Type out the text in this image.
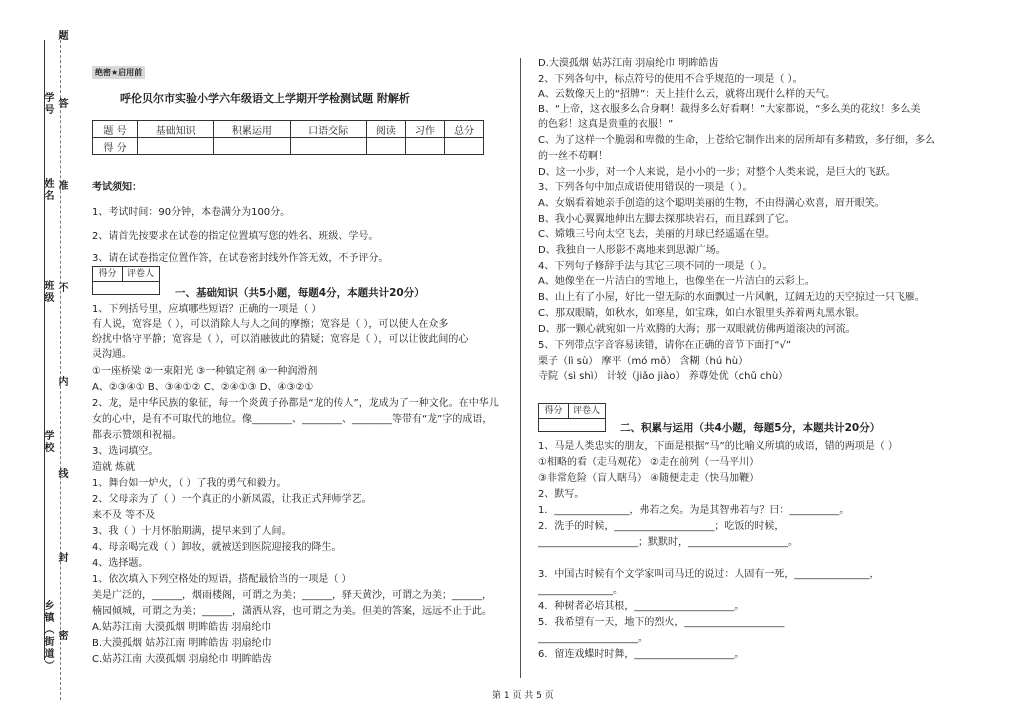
题
学号 答
姓名 准
班级 不
内
学校
线
封
乡镇（街道） 密
绝密★启用前
呼伦贝尔市实验小学六年级语文上学期开学检测试题 附解析
题 号	基础知识	积累运用	口语交际	阅读	习作	总分
得 分						
考试须知：
1、考试时间：90分钟，本卷满分为100分。
2、请首先按要求在试卷的指定位置填写您的姓名、班级、学号。
3、请在试卷指定位置作答，在试卷密封线外作答无效，不予评分。
得分 评卷人
一、基础知识（共5小题，每题4分，本题共计20分）
1、下列括号里，应填哪些短语？正确的一项是（ ）
有人说，宽容是（ ），可以消除人与人之间的摩擦；宽容是（ ），可以使人在众多
纷扰中恪守平静；宽容是（ ），可以消融彼此的猜疑；宽容是（ ），可以让彼此间的心
灵沟通。
①一座桥梁 ②一束阳光 ③一种镇定剂 ④一种润滑剂
A、②③④① B、③④①② C、②④①③ D、④③②①
2、龙，是中华民族的象征，每一个炎黄子孙都是“龙的传人”，龙成为了一种文化。在中华儿
女的心中，是有不可取代的地位。像________、________、________等带有“龙”字的成语，
都表示赞颂和祝福。
3、选词填空。
造就 炼就
1、舞台如一炉火，（ ）了我的勇气和毅力。
2、父母亲为了（ ）一个真正的小新凤霞，让我正式拜师学艺。
来不及 等不及
3、我（ ）十月怀胎期满，提早来到了人间。
4、母亲喝完戏（ ）卸妆，就被送到医院迎接我的降生。
4、选择题。
1、依次填入下列空格处的短语，搭配最恰当的一项是（ ）
美是广泛的，______，烟雨楼阁，可谓之为美；______，驿天黄沙，可谓之为美；______，
楠园倾城，可谓之为美；______，潇洒从容，也可谓之为美。但美的答案，远远不止于此。
A.姑苏江南 大漠孤烟 明眸皓齿 羽扇纶巾
B.大漠孤烟 姑苏江南 明眸皓齿 羽扇纶巾
C.姑苏江南 大漠孤烟 羽扇纶巾 明眸皓齿
D.大漠孤烟 姑苏江南 羽扇纶巾 明眸皓齿
2、下列各句中，标点符号的使用不合乎规范的一项是（ ）。
A、云数像天上的“招牌”：天上挂什么云，就将出现什么样的天气。
B、“上帝，这衣服多么合身啊！裁得多么好看啊！”大家都说，“多么美的花纹！多么美
的色彩！这真是贵重的衣服！”
C、为了这样一个脆弱和卑微的生命，上苍给它制作出来的居所却有多精致，多仔细，多么
的一丝不苟啊！
D、这一小步，对一个人来说，是小小的一步；对整个人类来说，是巨大的飞跃。
3、下列各句中加点成语使用错误的一项是（ ）。
A、女娲看着她亲手创造的这个聪明美丽的生物，不由得满心欢喜，眉开眼笑。
B、我小心翼翼地伸出左脚去探那块岩石，而且踩到了它。
C、嫦娥三号向太空飞去，美丽的月球已经遥遥在望。
D、我独自一人形影不离地来到思源广场。
4、下列句子修辞手法与其它三项不同的一项是（ ）。
A、她像坐在一片洁白的雪地上，也像坐在一片洁白的云彩上。
B、山上有了小屋，好比一望无际的水面飘过一片风帆，辽阔无边的天空掠过一只飞雁。
C、那双眼睛，如秋水，如寒星，如宝珠，如白水银里头养着两丸黑水银。
D、那一颗心就宛如一片欢腾的大海；那一双眼就仿佛两道滚决的河流。
5、下列带点字音容易读错，请你在正确的音节下面打“√”
栗子（lì sù） 摩平（mó mō） 含糊（hú hù）
寺院（sì shì） 计较（jiǎo jiào） 养尊处优（chǔ chù）
得分 评卷人
二、积累与运用（共4小题，每题5分，本题共计20分）
1、马是人类忠实的朋友，下面是根据“马”的比喻义所填的成语，错的两项是（ ）
①相略的看（走马观花） ②走在前列（一马平川）
③非常危险（盲人瞎马） ④随便走走（快马加鞭）
2、默写。
1．_______________，弗若之矣。为是其智弗若与？曰：__________。
2．洗手的时候，____________________；吃饭的时候，
____________________；默默时，____________________。
3．中国古时候有个文学家叫司马迁的说过：人固有一死，_______________，
_______________。
4．种树者必培其根，____________________。
5．我希望有一天，地下的烈火，____________________
____________________。
6．留连戏蝶时时舞，____________________。
第 1 页 共 5 页
